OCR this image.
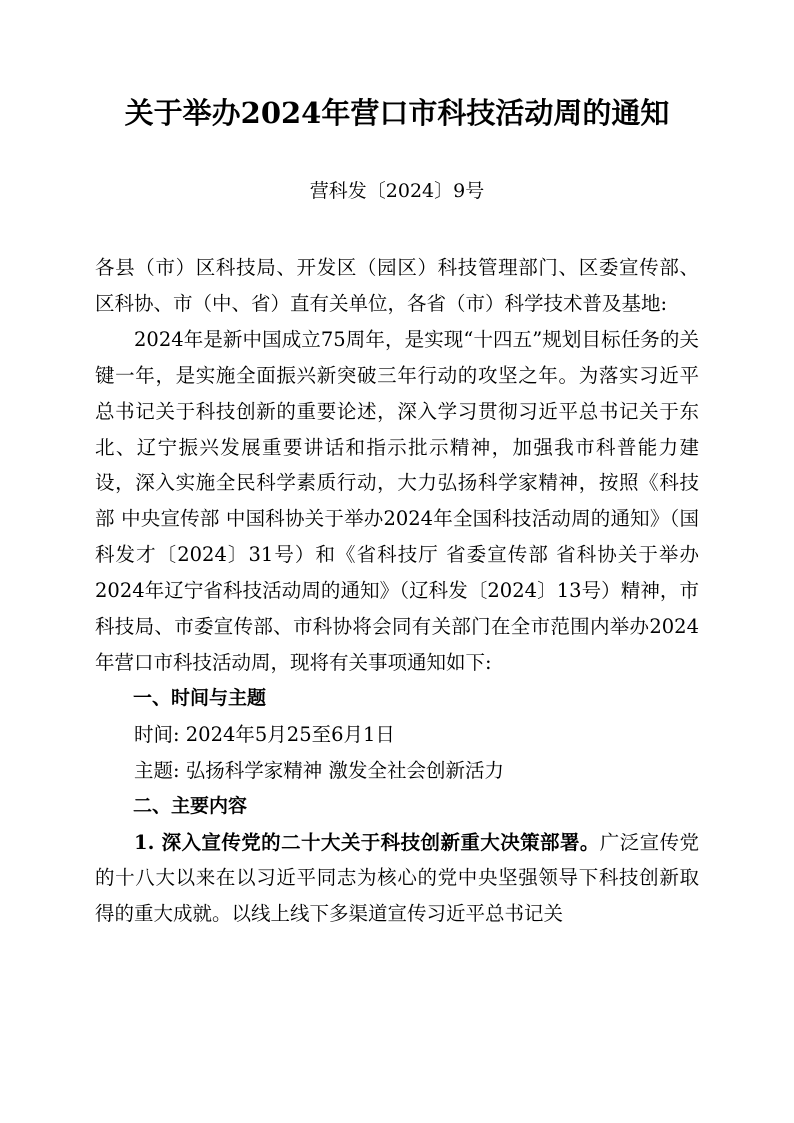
关于举办2024年营口市科技活动周的通知
营科发〔2024〕9号

各县（市）区科技局、开发区（园区）科技管理部门、区委宣传部、区科协、市（中、省）直有关单位，各省（市）科学技术普及基地:

2024年是新中国成立75周年，是实现“十四五”规划目标任务的关键一年，是实施全面振兴新突破三年行动的攻坚之年。为落实习近平总书记关于科技创新的重要论述，深入学习贯彻习近平总书记关于东北、辽宁振兴发展重要讲话和指示批示精神，加强我市科普能力建设，深入实施全民科学素质行动，大力弘扬科学家精神，按照《科技部 中央宣传部 中国科协关于举办2024年全国科技活动周的通知》（国科发才〔2024〕31号）和《省科技厅 省委宣传部 省科协关于举办2024年辽宁省科技活动周的通知》（辽科发〔2024〕13号）精神，市科技局、市委宣传部、市科协将会同有关部门在全市范围内举办2024年营口市科技活动周，现将有关事项通知如下:

一、时间与主题

时间: 2024年5月25至6月1日

主题: 弘扬科学家精神 激发全社会创新活力

二、主要内容

1. 深入宣传党的二十大关于科技创新重大决策部署。广泛宣传党的十八大以来在以习近平同志为核心的党中央坚强领导下科技创新取得的重大成就。以线上线下多渠道宣传习近平总书记关
